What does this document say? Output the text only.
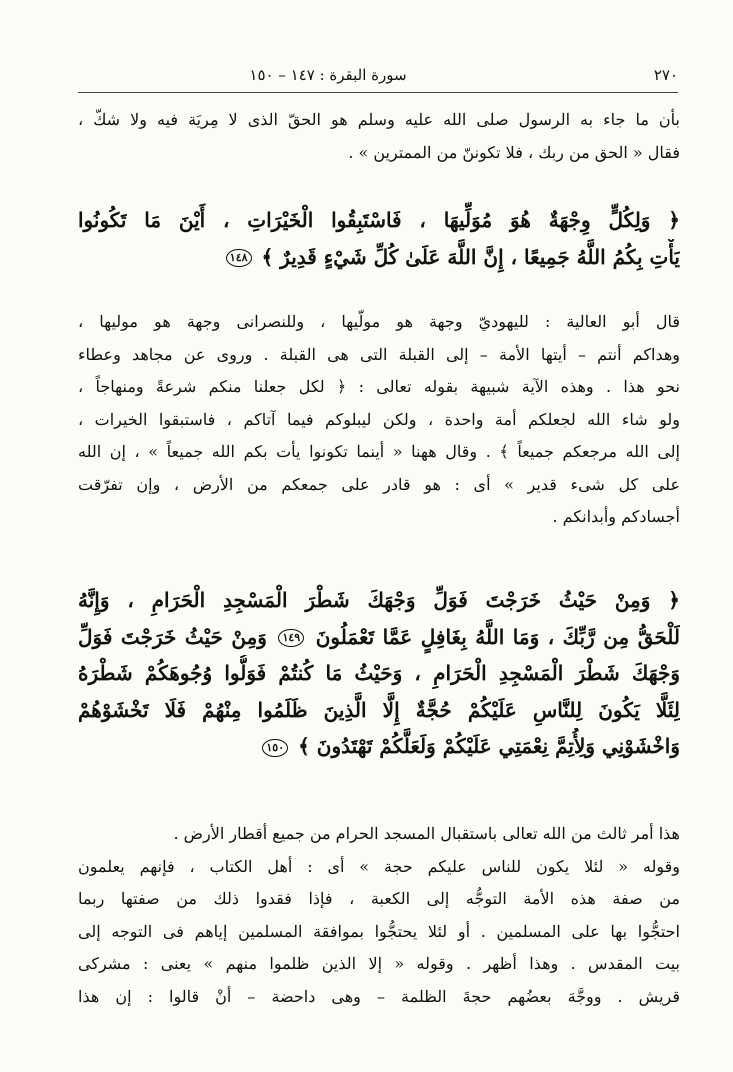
سورة البقرة : ١٤٧ – ١٥٠	٢٧٠
بأن ما جاء به الرسول صلى الله عليه وسلم هو الحقّ الذى لا مِريَة فيه ولا شكّ ،
فقال « الحق من ربك ، فلا تكوننّ من الممترين » .
﴿ وَلِكُلٍّ وِجْهَةٌ هُوَ مُوَلِّيهَا ، فَاسْتَبِقُوا الْخَيْرَاتِ ، أَيْنَ مَا تَكُونُوا
يَأْتِ بِكُمُ اللَّهُ جَمِيعًا ، إِنَّ اللَّهَ عَلَىٰ كُلِّ شَيْءٍ قَدِيرٌ ﴾ ١٤٨
قال أبو العالية : لليهوديّ وجهة هو مولّيها ، وللنصرانى وجهة هو موليها ،
وهداكم أنتم – أيتها الأمة – إلى القبلة التى هى القبلة . وروى عن مجاهد وعطاء
نحو هذا . وهذه الآية شبيهة بقوله تعالى : ﴿ لكل جعلنا منكم شرعةً ومنهاجاً ،
ولو شاء الله لجعلكم أمة واحدة ، ولكن ليبلوكم فيما آتاكم ، فاستبقوا الخيرات ،
إلى الله مرجعكم جميعاً ﴾ . وقال ههنا « أينما تكونوا يأت بكم الله جميعاً » ، إن الله
على كل شىء قدير » أى : هو قادر على جمعكم من الأرض ، وإن تفرّقت
أجسادكم وأبدانكم .
﴿ وَمِنْ حَيْثُ خَرَجْتَ فَوَلِّ وَجْهَكَ شَطْرَ الْمَسْجِدِ الْحَرَامِ ، وَإِنَّهُ
لَلْحَقُّ مِن رَّبِّكَ ، وَمَا اللَّهُ بِغَافِلٍ عَمَّا تَعْمَلُونَ ١٤٩ وَمِنْ حَيْثُ خَرَجْتَ فَوَلِّ
وَجْهَكَ شَطْرَ الْمَسْجِدِ الْحَرَامِ ، وَحَيْثُ مَا كُنتُمْ فَوَلُّوا وُجُوهَكُمْ شَطْرَهُ
لِئَلَّا يَكُونَ لِلنَّاسِ عَلَيْكُمْ حُجَّةٌ إِلَّا الَّذِينَ ظَلَمُوا مِنْهُمْ فَلَا تَخْشَوْهُمْ
وَاخْشَوْنِي وَلِأُتِمَّ نِعْمَتِي عَلَيْكُمْ وَلَعَلَّكُمْ تَهْتَدُونَ ﴾ ١٥٠
هذا أمر ثالث من الله تعالى باستقبال المسجد الحرام من جميع أقطار الأرض .
وقوله « لئلا يكون للناس عليكم حجة » أى : أهل الكتاب ، فإنهم يعلمون
من صفة هذه الأمة التوجُّه إلى الكعبة ، فإذا فقدوا ذلك من صفتها ربما
احتجُّوا بها على المسلمين . أو لئلا يحتجُّوا بموافقة المسلمين إياهم فى التوجه إلى
بيت المقدس . وهذا أظهر . وقوله « إلا الذين ظلموا منهم » يعنى : مشركى
قريش . ووجَّهَ بعضُهم حجةَ الظلمة – وهى داحضة – أنْ قالوا : إن هذا
